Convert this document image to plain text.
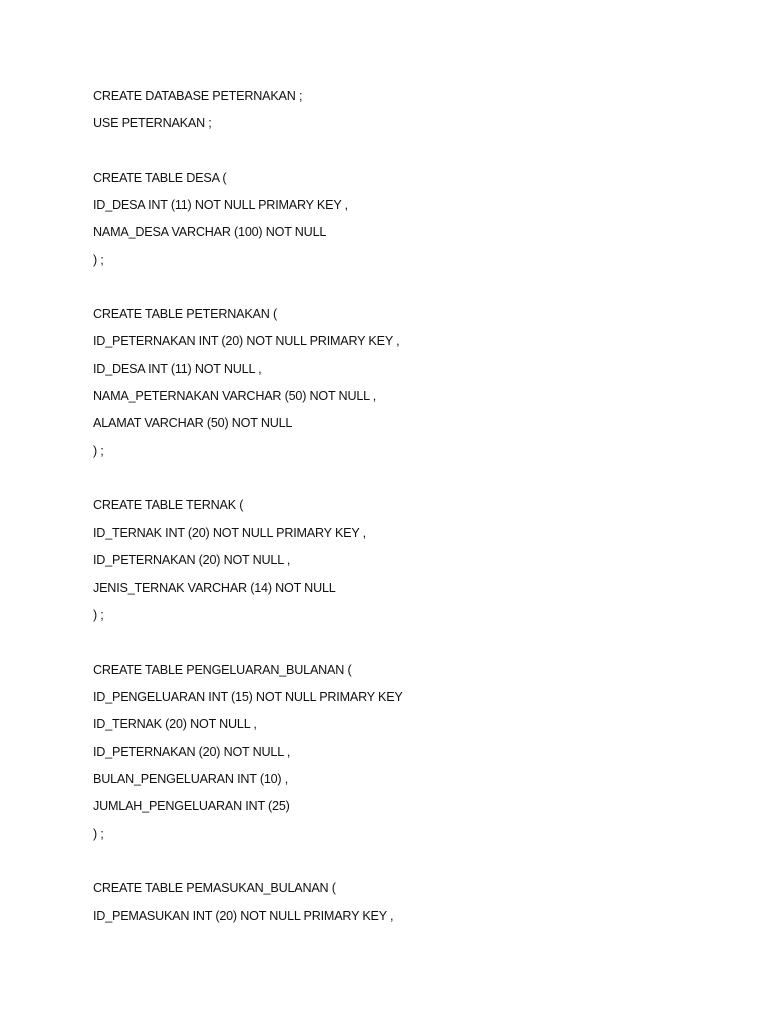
CREATE DATABASE PETERNAKAN ;

USE PETERNAKAN ;

CREATE TABLE DESA (

ID_DESA INT (11) NOT NULL PRIMARY KEY ,

NAMA_DESA VARCHAR (100) NOT NULL

) ;

CREATE TABLE PETERNAKAN (

ID_PETERNAKAN INT (20) NOT NULL PRIMARY KEY ,

ID_DESA INT (11) NOT NULL ,

NAMA_PETERNAKAN VARCHAR (50) NOT NULL ,

ALAMAT VARCHAR (50) NOT NULL

) ;

CREATE TABLE TERNAK (

ID_TERNAK INT (20) NOT NULL PRIMARY KEY ,

ID_PETERNAKAN (20) NOT NULL ,

JENIS_TERNAK VARCHAR (14) NOT NULL

) ;

CREATE TABLE PENGELUARAN_BULANAN (

ID_PENGELUARAN INT (15) NOT NULL PRIMARY KEY

ID_TERNAK (20) NOT NULL ,

ID_PETERNAKAN (20) NOT NULL ,

BULAN_PENGELUARAN INT (10) ,

JUMLAH_PENGELUARAN INT (25)

) ;

CREATE TABLE PEMASUKAN_BULANAN (

ID_PEMASUKAN INT (20) NOT NULL PRIMARY KEY ,
